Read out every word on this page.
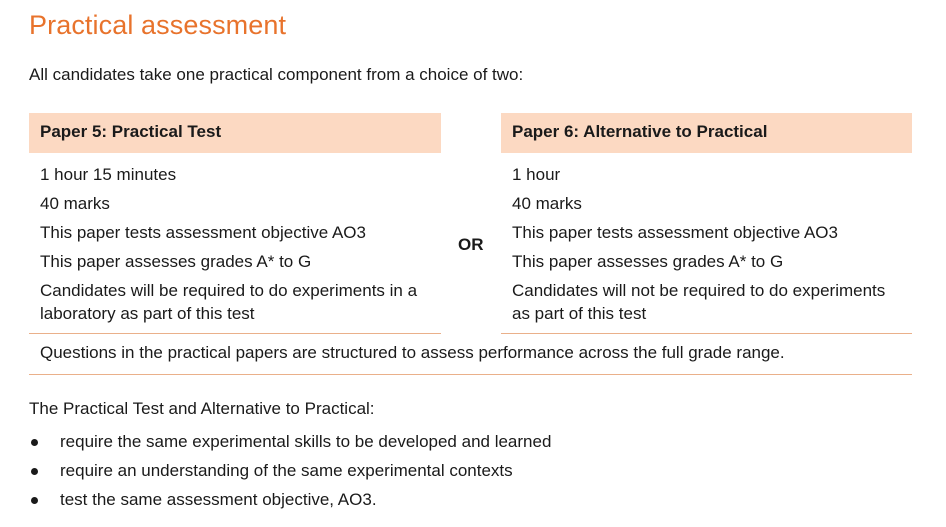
Practical assessment

All candidates take one practical component from a choice of two:

Paper 5: Practical Test
1 hour 15 minutes
40 marks
This paper tests assessment objective AO3
This paper assesses grades A* to G
Candidates will be required to do experiments in a laboratory as part of this test
OR
Paper 6: Alternative to Practical
1 hour
40 marks
This paper tests assessment objective AO3
This paper assesses grades A* to G
Candidates will not be required to do experiments as part of this test
Questions in the practical papers are structured to assess performance across the full grade range.

The Practical Test and Alternative to Practical:

require the same experimental skills to be developed and learned
require an understanding of the same experimental contexts
test the same assessment objective, AO3.
